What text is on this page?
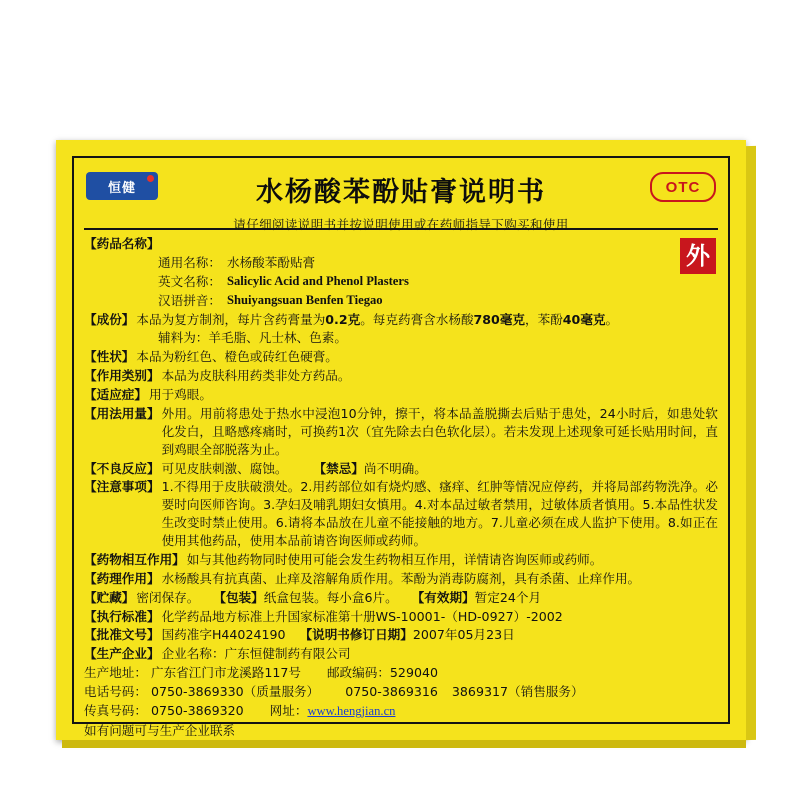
恒健	水杨酸苯酚贴膏说明书
请仔细阅读说明书并按说明使用或在药师指导下购买和使用
OTC
外
【药品名称】
通用名称： 水杨酸苯酚贴膏
英文名称： Salicylic Acid and Phenol Plasters
汉语拼音： Shuiyangsuan Benfen Tiegao
【成份】 本品为复方制剂，每片含药膏量为0.2克。每克药膏含水杨酸780毫克，苯酚40毫克。
辅料为：羊毛脂、凡士林、色素。
【性状】 本品为粉红色、橙色或砖红色硬膏。
【作用类别】 本品为皮肤科用药类非处方药品。
【适应症】 用于鸡眼。
【用法用量】 外用。用前将患处于热水中浸泡10分钟，擦干，将本品盖脱撕去后贴于患处，24小时后，如患处软化发白，且略感疼痛时，可换药1次（宜先除去白色软化层）。若未发现上述现象可延长贴用时间，直到鸡眼全部脱落为止。
【不良反应】 可见皮肤刺激、腐蚀。 【禁忌】 尚不明确。
【注意事项】 1.不得用于皮肤破溃处。2.用药部位如有烧灼感、瘙痒、红肿等情况应停药，并将局部药物洗净。必要时向医师咨询。3.孕妇及哺乳期妇女慎用。4.对本品过敏者禁用，过敏体质者慎用。5.本品性状发生改变时禁止使用。6.请将本品放在儿童不能接触的地方。7.儿童必须在成人监护下使用。8.如正在使用其他药品，使用本品前请咨询医师或药师。
【药物相互作用】 如与其他药物同时使用可能会发生药物相互作用，详情请咨询医师或药师。
【药理作用】 水杨酸具有抗真菌、止痒及溶解角质作用。苯酚为消毒防腐剂，具有杀菌、止痒作用。
【贮藏】 密闭保存。 【包装】 纸盒包装。每小盒6片。 【有效期】 暂定24个月
【执行标准】 化学药品地方标准上升国家标准第十册WS-10001-（HD-0927）-2002
【批准文号】 国药准字H44024190 【说明书修订日期】 2007年05月23日
【生产企业】 企业名称：广东恒健制药有限公司
生产地址： 广东省江门市龙溪路117号 邮政编码：529040
电话号码： 0750-3869330（质量服务） 0750-3869316 3869317（销售服务）
传真号码： 0750-3869320 网址：www.hengjian.cn
如有问题可与生产企业联系
